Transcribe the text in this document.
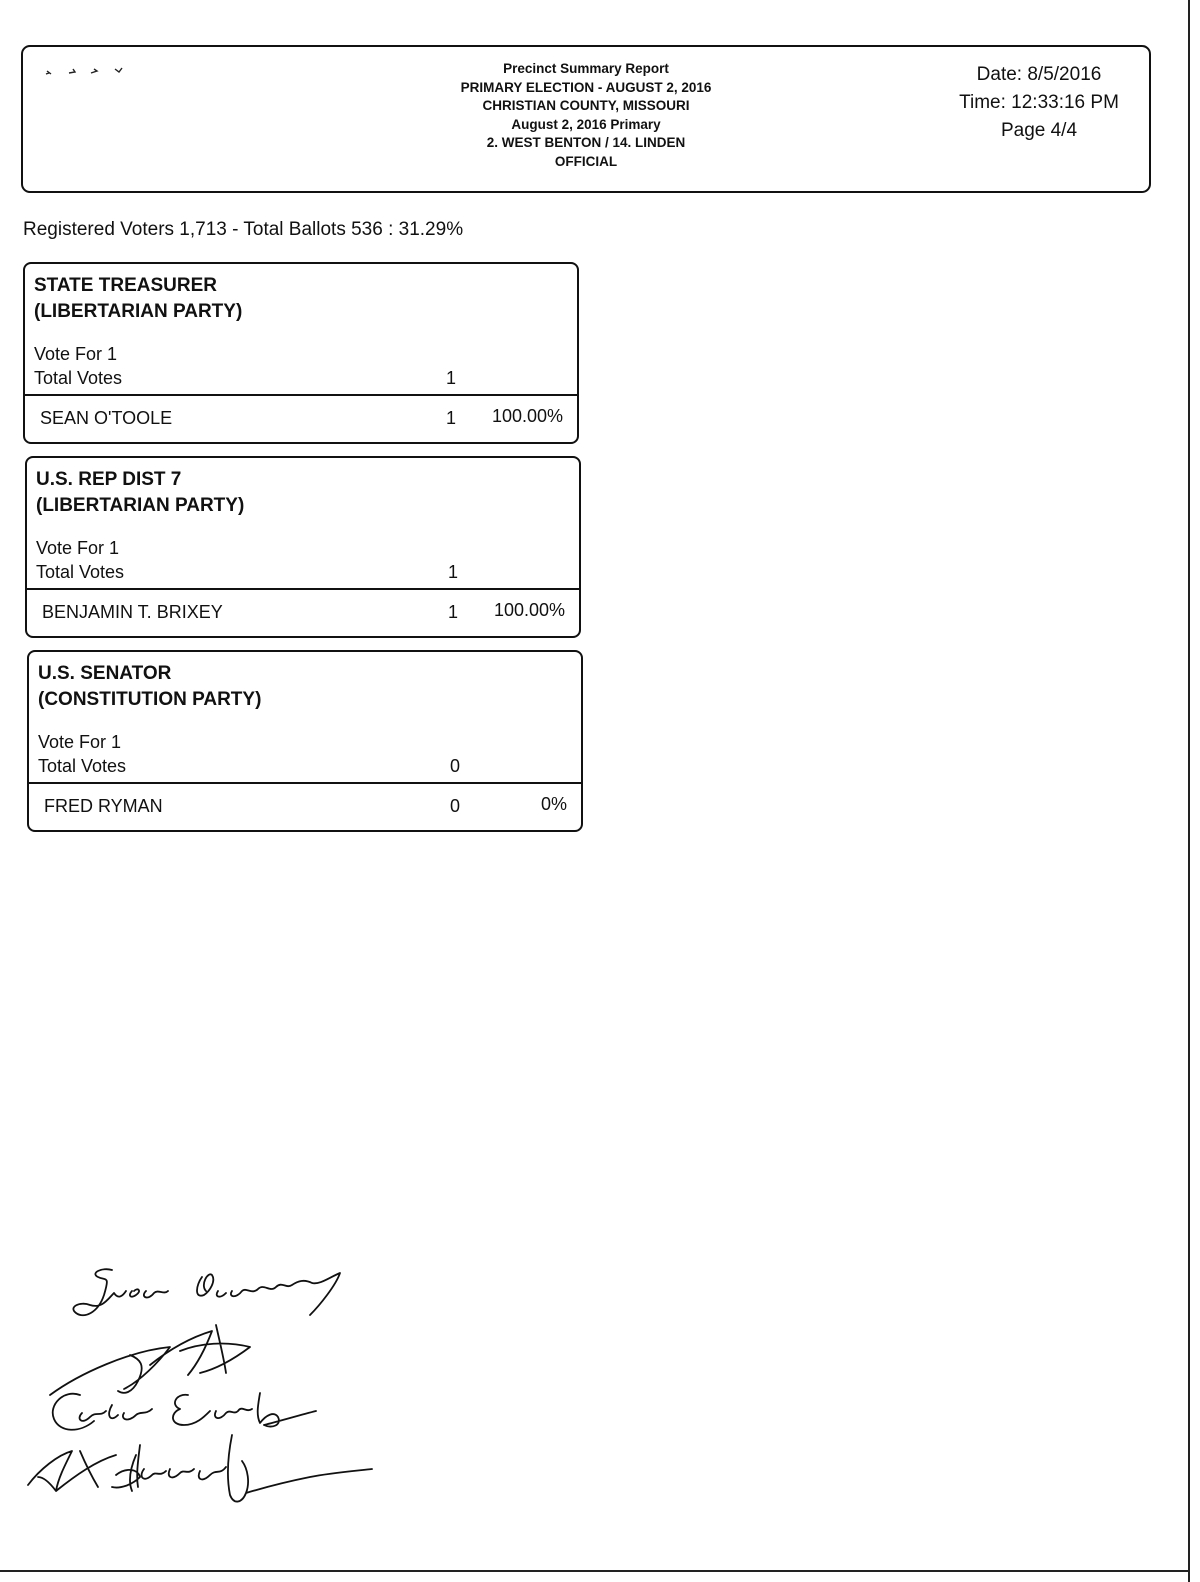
Precinct Summary Report
PRIMARY ELECTION - AUGUST 2, 2016
CHRISTIAN COUNTY, MISSOURI
August 2, 2016 Primary
2. WEST BENTON / 14. LINDEN
OFFICIAL
Date: 8/5/2016
Time: 12:33:16 PM
Page 4/4
Registered Voters 1,713 - Total Ballots 536 : 31.29%
STATE TREASURER
(LIBERTARIAN PARTY)
Vote For 1
Total Votes	1
SEAN O'TOOLE	1 100.00%
U.S. REP DIST 7
(LIBERTARIAN PARTY)
Vote For 1
Total Votes	1
BENJAMIN T. BRIXEY	1 100.00%
U.S. SENATOR
(CONSTITUTION PARTY)
Vote For 1
Total Votes	0
FRED RYMAN	0	0%
